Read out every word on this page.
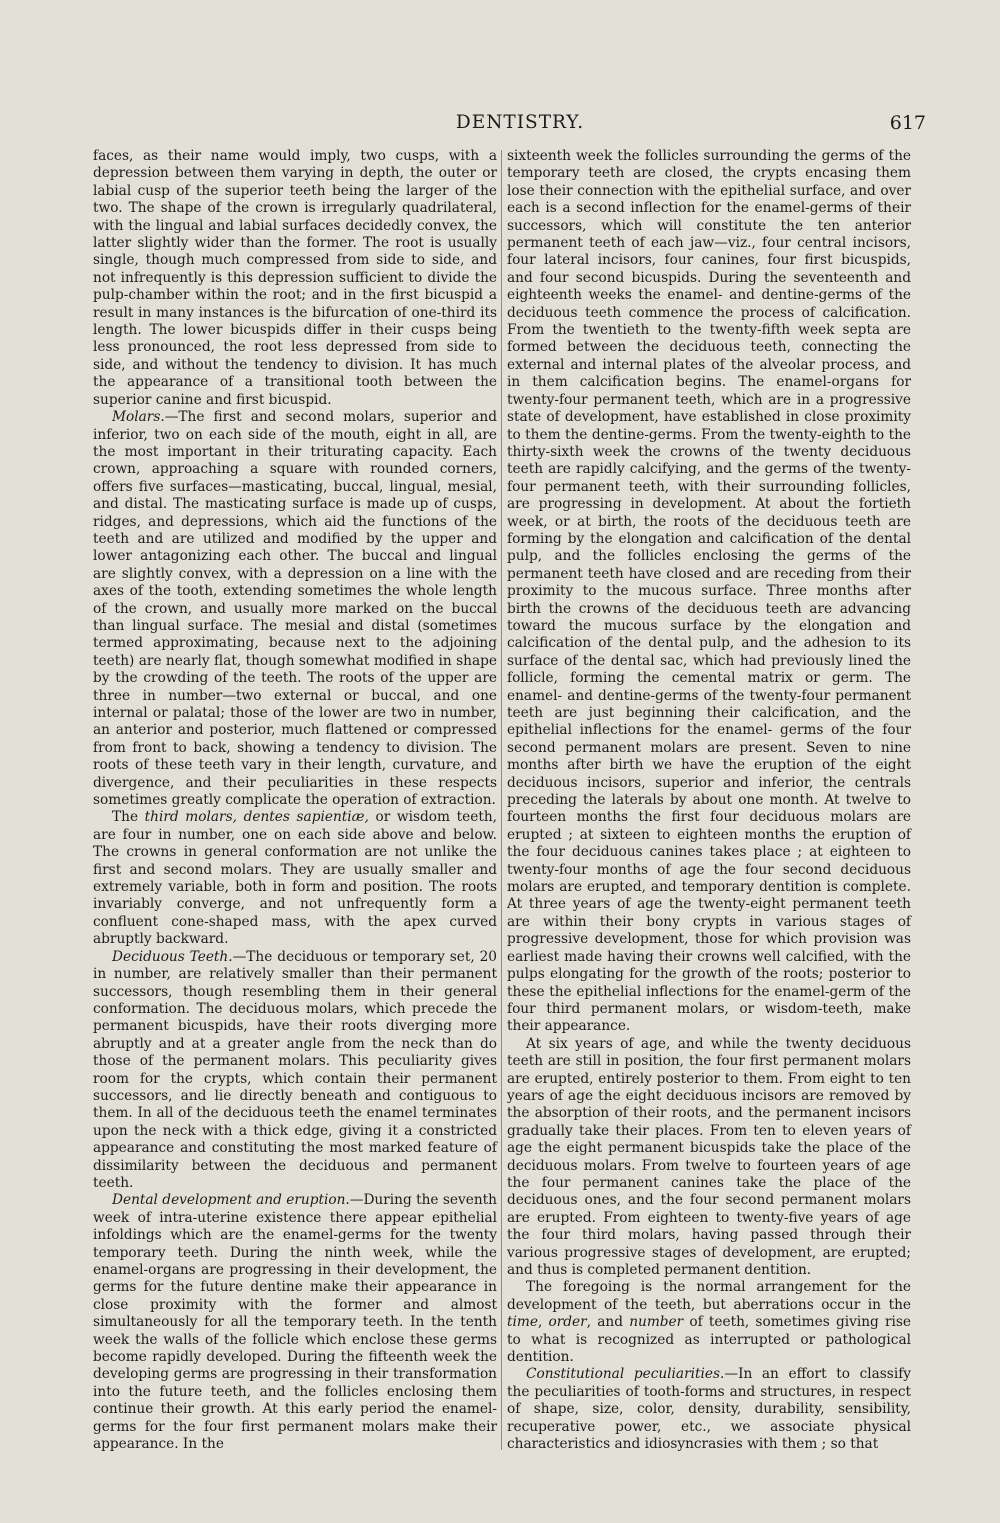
DENTISTRY.	617

faces, as their name would imply, two cusps, with a depression between them varying in depth, the outer or labial cusp of the superior teeth being the larger of the two. The shape of the crown is irregularly quadrilateral, with the lingual and labial surfaces decidedly convex, the latter slightly wider than the former. The root is usually single, though much compressed from side to side, and not infrequently is this depression sufficient to divide the pulp-chamber within the root; and in the first bicuspid a result in many instances is the bifurcation of one-third its length. The lower bicuspids differ in their cusps being less pronounced, the root less depressed from side to side, and without the tendency to division. It has much the appearance of a transitional tooth between the superior canine and first bicuspid.

Molars.—The first and second molars, superior and inferior, two on each side of the mouth, eight in all, are the most important in their triturating capacity. Each crown, approaching a square with rounded corners, offers five surfaces—masticating, buccal, lingual, mesial, and distal. The masticating surface is made up of cusps, ridges, and depressions, which aid the functions of the teeth and are utilized and modified by the upper and lower antagonizing each other. The buccal and lingual are slightly convex, with a depression on a line with the axes of the tooth, extending sometimes the whole length of the crown, and usually more marked on the buccal than lingual surface. The mesial and distal (sometimes termed approximating, because next to the adjoining teeth) are nearly flat, though somewhat modified in shape by the crowding of the teeth. The roots of the upper are three in number—two external or buccal, and one internal or palatal; those of the lower are two in number, an anterior and posterior, much flattened or compressed from front to back, showing a tendency to division. The roots of these teeth vary in their length, curvature, and divergence, and their peculiarities in these respects sometimes greatly complicate the operation of extraction.

The third molars, dentes sapientiæ, or wisdom teeth, are four in number, one on each side above and below. The crowns in general conformation are not unlike the first and second molars. They are usually smaller and extremely variable, both in form and position. The roots invariably converge, and not unfrequently form a confluent cone-shaped mass, with the apex curved abruptly backward.

Deciduous Teeth.—The deciduous or temporary set, 20 in number, are relatively smaller than their permanent successors, though resembling them in their general conformation. The deciduous molars, which precede the permanent bicuspids, have their roots diverging more abruptly and at a greater angle from the neck than do those of the permanent molars. This peculiarity gives room for the crypts, which contain their permanent successors, and lie directly beneath and contiguous to them. In all of the deciduous teeth the enamel terminates upon the neck with a thick edge, giving it a constricted appearance and constituting the most marked feature of dissimilarity between the deciduous and permanent teeth.

Dental development and eruption.—During the seventh week of intra-uterine existence there appear epithelial infoldings which are the enamel-germs for the twenty temporary teeth. During the ninth week, while the enamel-organs are progressing in their development, the germs for the future dentine make their appearance in close proximity with the former and almost simultaneously for all the temporary teeth. In the tenth week the walls of the follicle which enclose these germs become rapidly developed. During the fifteenth week the developing germs are progressing in their transformation into the future teeth, and the follicles enclosing them continue their growth. At this early period the enamel-germs for the four first permanent molars make their appearance. In the

sixteenth week the follicles surrounding the germs of the temporary teeth are closed, the crypts encasing them lose their connection with the epithelial surface, and over each is a second inflection for the enamel-germs of their successors, which will constitute the ten anterior permanent teeth of each jaw—viz., four central incisors, four lateral incisors, four canines, four first bicuspids, and four second bicuspids. During the seventeenth and eighteenth weeks the enamel- and dentine-germs of the deciduous teeth commence the process of calcification. From the twentieth to the twenty-fifth week septa are formed between the deciduous teeth, connecting the external and internal plates of the alveolar process, and in them calcification begins. The enamel-organs for twenty-four permanent teeth, which are in a progressive state of development, have established in close proximity to them the dentine-germs. From the twenty-eighth to the thirty-sixth week the crowns of the twenty deciduous teeth are rapidly calcifying, and the germs of the twenty-four permanent teeth, with their surrounding follicles, are progressing in development. At about the fortieth week, or at birth, the roots of the deciduous teeth are forming by the elongation and calcification of the dental pulp, and the follicles enclosing the germs of the permanent teeth have closed and are receding from their proximity to the mucous surface. Three months after birth the crowns of the deciduous teeth are advancing toward the mucous surface by the elongation and calcification of the dental pulp, and the adhesion to its surface of the dental sac, which had previously lined the follicle, forming the cemental matrix or germ. The enamel- and dentine-germs of the twenty-four permanent teeth are just beginning their calcification, and the epithelial inflections for the enamel- germs of the four second permanent molars are present. Seven to nine months after birth we have the eruption of the eight deciduous incisors, superior and inferior, the centrals preceding the laterals by about one month. At twelve to fourteen months the first four deciduous molars are erupted ; at sixteen to eighteen months the eruption of the four deciduous canines takes place ; at eighteen to twenty-four months of age the four second deciduous molars are erupted, and temporary dentition is complete. At three years of age the twenty-eight permanent teeth are within their bony crypts in various stages of progressive development, those for which provision was earliest made having their crowns well calcified, with the pulps elongating for the growth of the roots; posterior to these the epithelial inflections for the enamel-germ of the four third permanent molars, or wisdom-teeth, make their appearance.

At six years of age, and while the twenty deciduous teeth are still in position, the four first permanent molars are erupted, entirely posterior to them. From eight to ten years of age the eight deciduous incisors are removed by the absorption of their roots, and the permanent incisors gradually take their places. From ten to eleven years of age the eight permanent bicuspids take the place of the deciduous molars. From twelve to fourteen years of age the four permanent canines take the place of the deciduous ones, and the four second permanent molars are erupted. From eighteen to twenty-five years of age the four third molars, having passed through their various progressive stages of development, are erupted; and thus is completed permanent dentition.

The foregoing is the normal arrangement for the development of the teeth, but aberrations occur in the time, order, and number of teeth, sometimes giving rise to what is recognized as interrupted or pathological dentition.

Constitutional peculiarities.—In an effort to classify the peculiarities of tooth-forms and structures, in respect of shape, size, color, density, durability, sensibility, recuperative power, etc., we associate physical characteristics and idiosyncrasies with them ; so that
